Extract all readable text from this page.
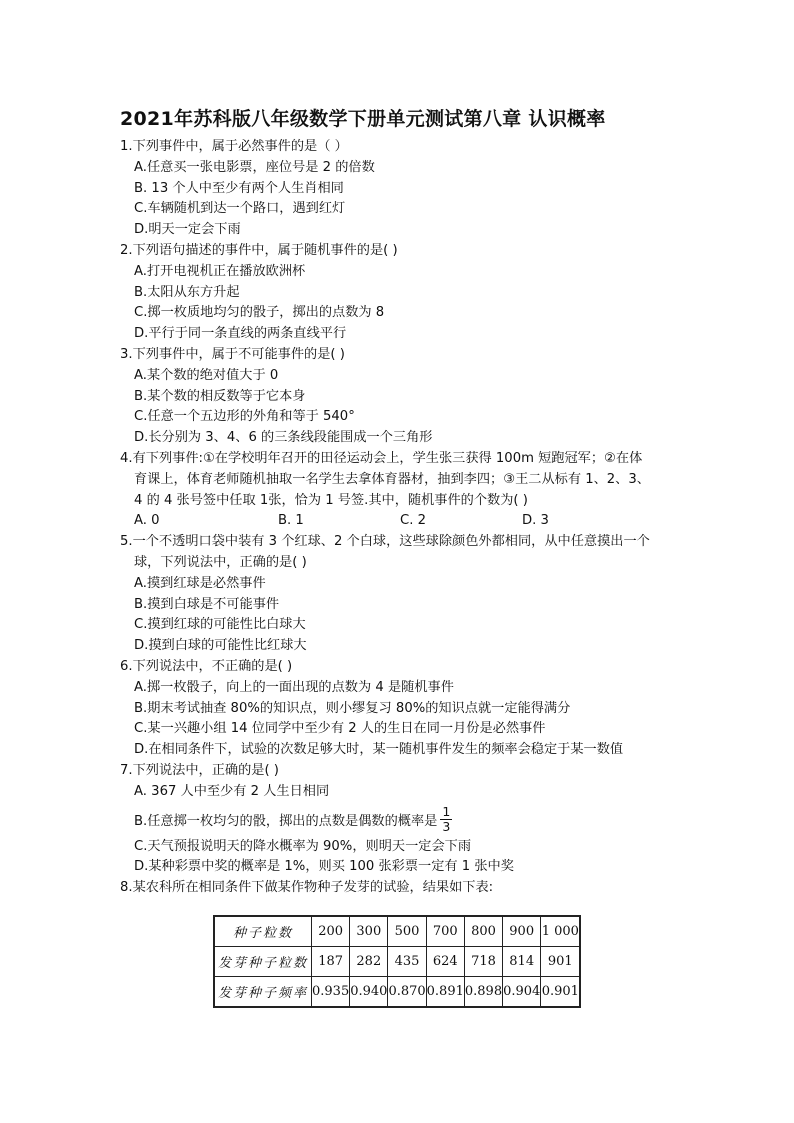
2021年苏科版八年级数学下册单元测试第八章 认识概率
1.下列事件中，属于必然事件的是（ ）
A.任意买一张电影票，座位号是 2 的倍数
B. 13 个人中至少有两个人生肖相同
C.车辆随机到达一个路口，遇到红灯
D.明天一定会下雨
2.下列语句描述的事件中，属于随机事件的是( )
A.打开电视机正在播放欧洲杯
B.太阳从东方升起
C.掷一枚质地均匀的骰子，掷出的点数为 8
D.平行于同一条直线的两条直线平行
3.下列事件中，属于不可能事件的是( )
A.某个数的绝对值大于 0
B.某个数的相反数等于它本身
C.任意一个五边形的外角和等于 540°
D.长分别为 3、4、6 的三条线段能围成一个三角形
4.有下列事件:①在学校明年召开的田径运动会上，学生张三获得 100m 短跑冠军；②在体
育课上，体育老师随机抽取一名学生去拿体育器材，抽到李四；③王二从标有 1、2、3、
4 的 4 张号签中任取 1张，恰为 1 号签.其中，随机事件的个数为( )
A. 0	B. 1	C. 2	D. 3
5.一个不透明口袋中装有 3 个红球、2 个白球，这些球除颜色外都相同，从中任意摸出一个
球，下列说法中，正确的是( )
A.摸到红球是必然事件
B.摸到白球是不可能事件
C.摸到红球的可能性比白球大
D.摸到白球的可能性比红球大
6.下列说法中，不正确的是( )
A.掷一枚骰子，向上的一面出现的点数为 4 是随机事件
B.期末考试抽查 80%的知识点，则小缪复习 80%的知识点就一定能得满分
C.某一兴趣小组 14 位同学中至少有 2 人的生日在同一月份是必然事件
D.在相同条件下，试验的次数足够大时，某一随机事件发生的频率会稳定于某一数值
7.下列说法中，正确的是( )
A. 367 人中至少有 2 人生日相同
B.任意掷一枚均匀的骰，掷出的点数是偶数的概率是 $\frac{1}{3}$
C.天气预报说明天的降水概率为 90%，则明天一定会下雨
D.某种彩票中奖的概率是 1%，则买 100 张彩票一定有 1 张中奖
8.某农科所在相同条件下做某作物种子发芽的试验，结果如下表:
种子粒数	200	300	500	700	800	900	1 000
发芽种子粒数	187	282	435	624	718	814	901
发芽种子频率	0.935	0.940	0.870	0.891	0.898	0.904	0.901
